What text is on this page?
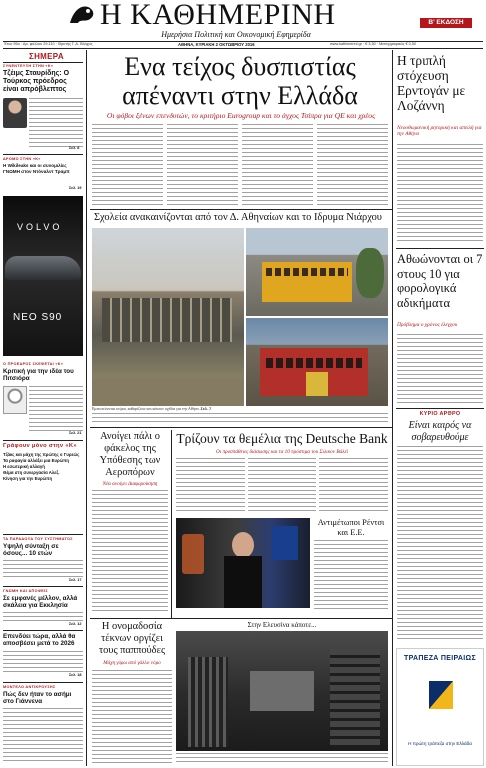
Η ΚΑΘΗΜΕΡΙΝΗ	Β' ΕΚΔΟΣΗ
Ημερήσια Πολιτική και Οικονομική Εφημερίδα
Έτος 95ο · Αρ. φύλλου 29.110 · Ιδρυτής Γ. Α. Βλάχος	ΑΘΗΝΑ, ΚΥΡΙΑΚΗ 2 ΟΚΤΩΒΡΙΟΥ 2016	www.kathimerini.gr · € 3,50 · Μετεγγραφικός € 0,50
ΣΗΜΕΡΑ
ΣΥΝΕΝΤΕΥΞΗ ΣΤΗΝ «Κ»
Τζέιμς Σταυρίδης: Ο Τούρκος πρόεδρος είναι απρόβλεπτος
Σελ. 8
ΔΡΟΜΟ ΣΤΗΝ «Κ»
Η Wikileaks και οι συνομιλίες ΓΝΩΜΗ στον Ντόναλντ Τραμπ
Σελ. 19
VOLVO
NEO S90
Ο ΠΡΟΕΔΡΟΣ ΣΚΕΨΕΤΑΙ «Κ»
Κριτική για την ιδέα του Πιτσιόρα
Σελ. 21
Γράφουν μόνο στην «Κ»
Τζάκς και μάχη της πρώτης ο Γυρεώς
Τα ραφαγία αλλάξει μια Ευρώπη
Η εσωτερική αλλαγή
Θέμα στη συνεργασία Αλεξ.
Κίνηση για την Ευρώπη
ΤΑ ΠΑΡΑΔΟΞΑ ΤΟΥ ΣΥΣΤΗΜΑΤΟΣ
Υψηλή σύνταξη σε όσους... 10 ετών
Σελ. 17
ΓΝΩΜΗ ΚΑΙ ΑΠΟΨΕΙΣ
Σε εμφανές μέλλον, αλλά σκάλεια για Εκκλησία
Σελ. 12
Επενδύει τώρα, αλλά θα αποσβέσει μετά το 2026
Σελ. 18
ΜΟΝΤΕΛΟ ΑΝΤΙΚΡΟΥΣΗΣ
Πώς δεν ήταν το ασήμι στο Γιάννενα
Ενα τείχος δυσπιστίας απέναντι στην Ελλάδα
Οι φόβοι ξένων επενδυτών, το κριτήριο Eurogroup και το άγχος Τσίπρα για QE και χρέος
Σχολεία ανακαινίζονται από τον Δ. Αθηναίων και το Ιδρυμα Νιάρχου
Εμπιστεύονται κτίρια, καθαρίζουν και κάνουν σχέδια για την Αθήνα. Σελ. 7
Ανοίγει πάλι ο φάκελος της Υπόθεσης των Αεροπόρων
Νέα ανοίγει Διαφοροίκηση
Τρίζουν τα θεμέλια της Deutsche Bank
Οι προσπάθειες διάσωσης και τα 10 πρόστιμα του Σιλικον Βάλεϊ
Αντιμέτωποι Ρέντσι και Ε.Ε.
Η ονομαδοσία τέκνων οργίζει τους παππούδες
Μάχη γύρω από γάλλο νόμο
Στην Ελευσίνα κάποτε...
Η τριπλή στόχευση Ερντογάν με Λοζάννη
Νεοοθωμανική ρητορική και απειλή για την Αθήνα
Αθωώνονται οι 7 στους 10 για φορολογικά αδικήματα
Πρόβλημα ο χρόνος έλεγχου
ΚΥΡΙΟ ΑΡΘΡΟ
Είναι καιρός να σοβαρευθούμε
ΤΡΑΠΕΖΑ ΠΕΙΡΑΙΩΣ
Η πρώτη τράπεζα στην Ελλάδα
